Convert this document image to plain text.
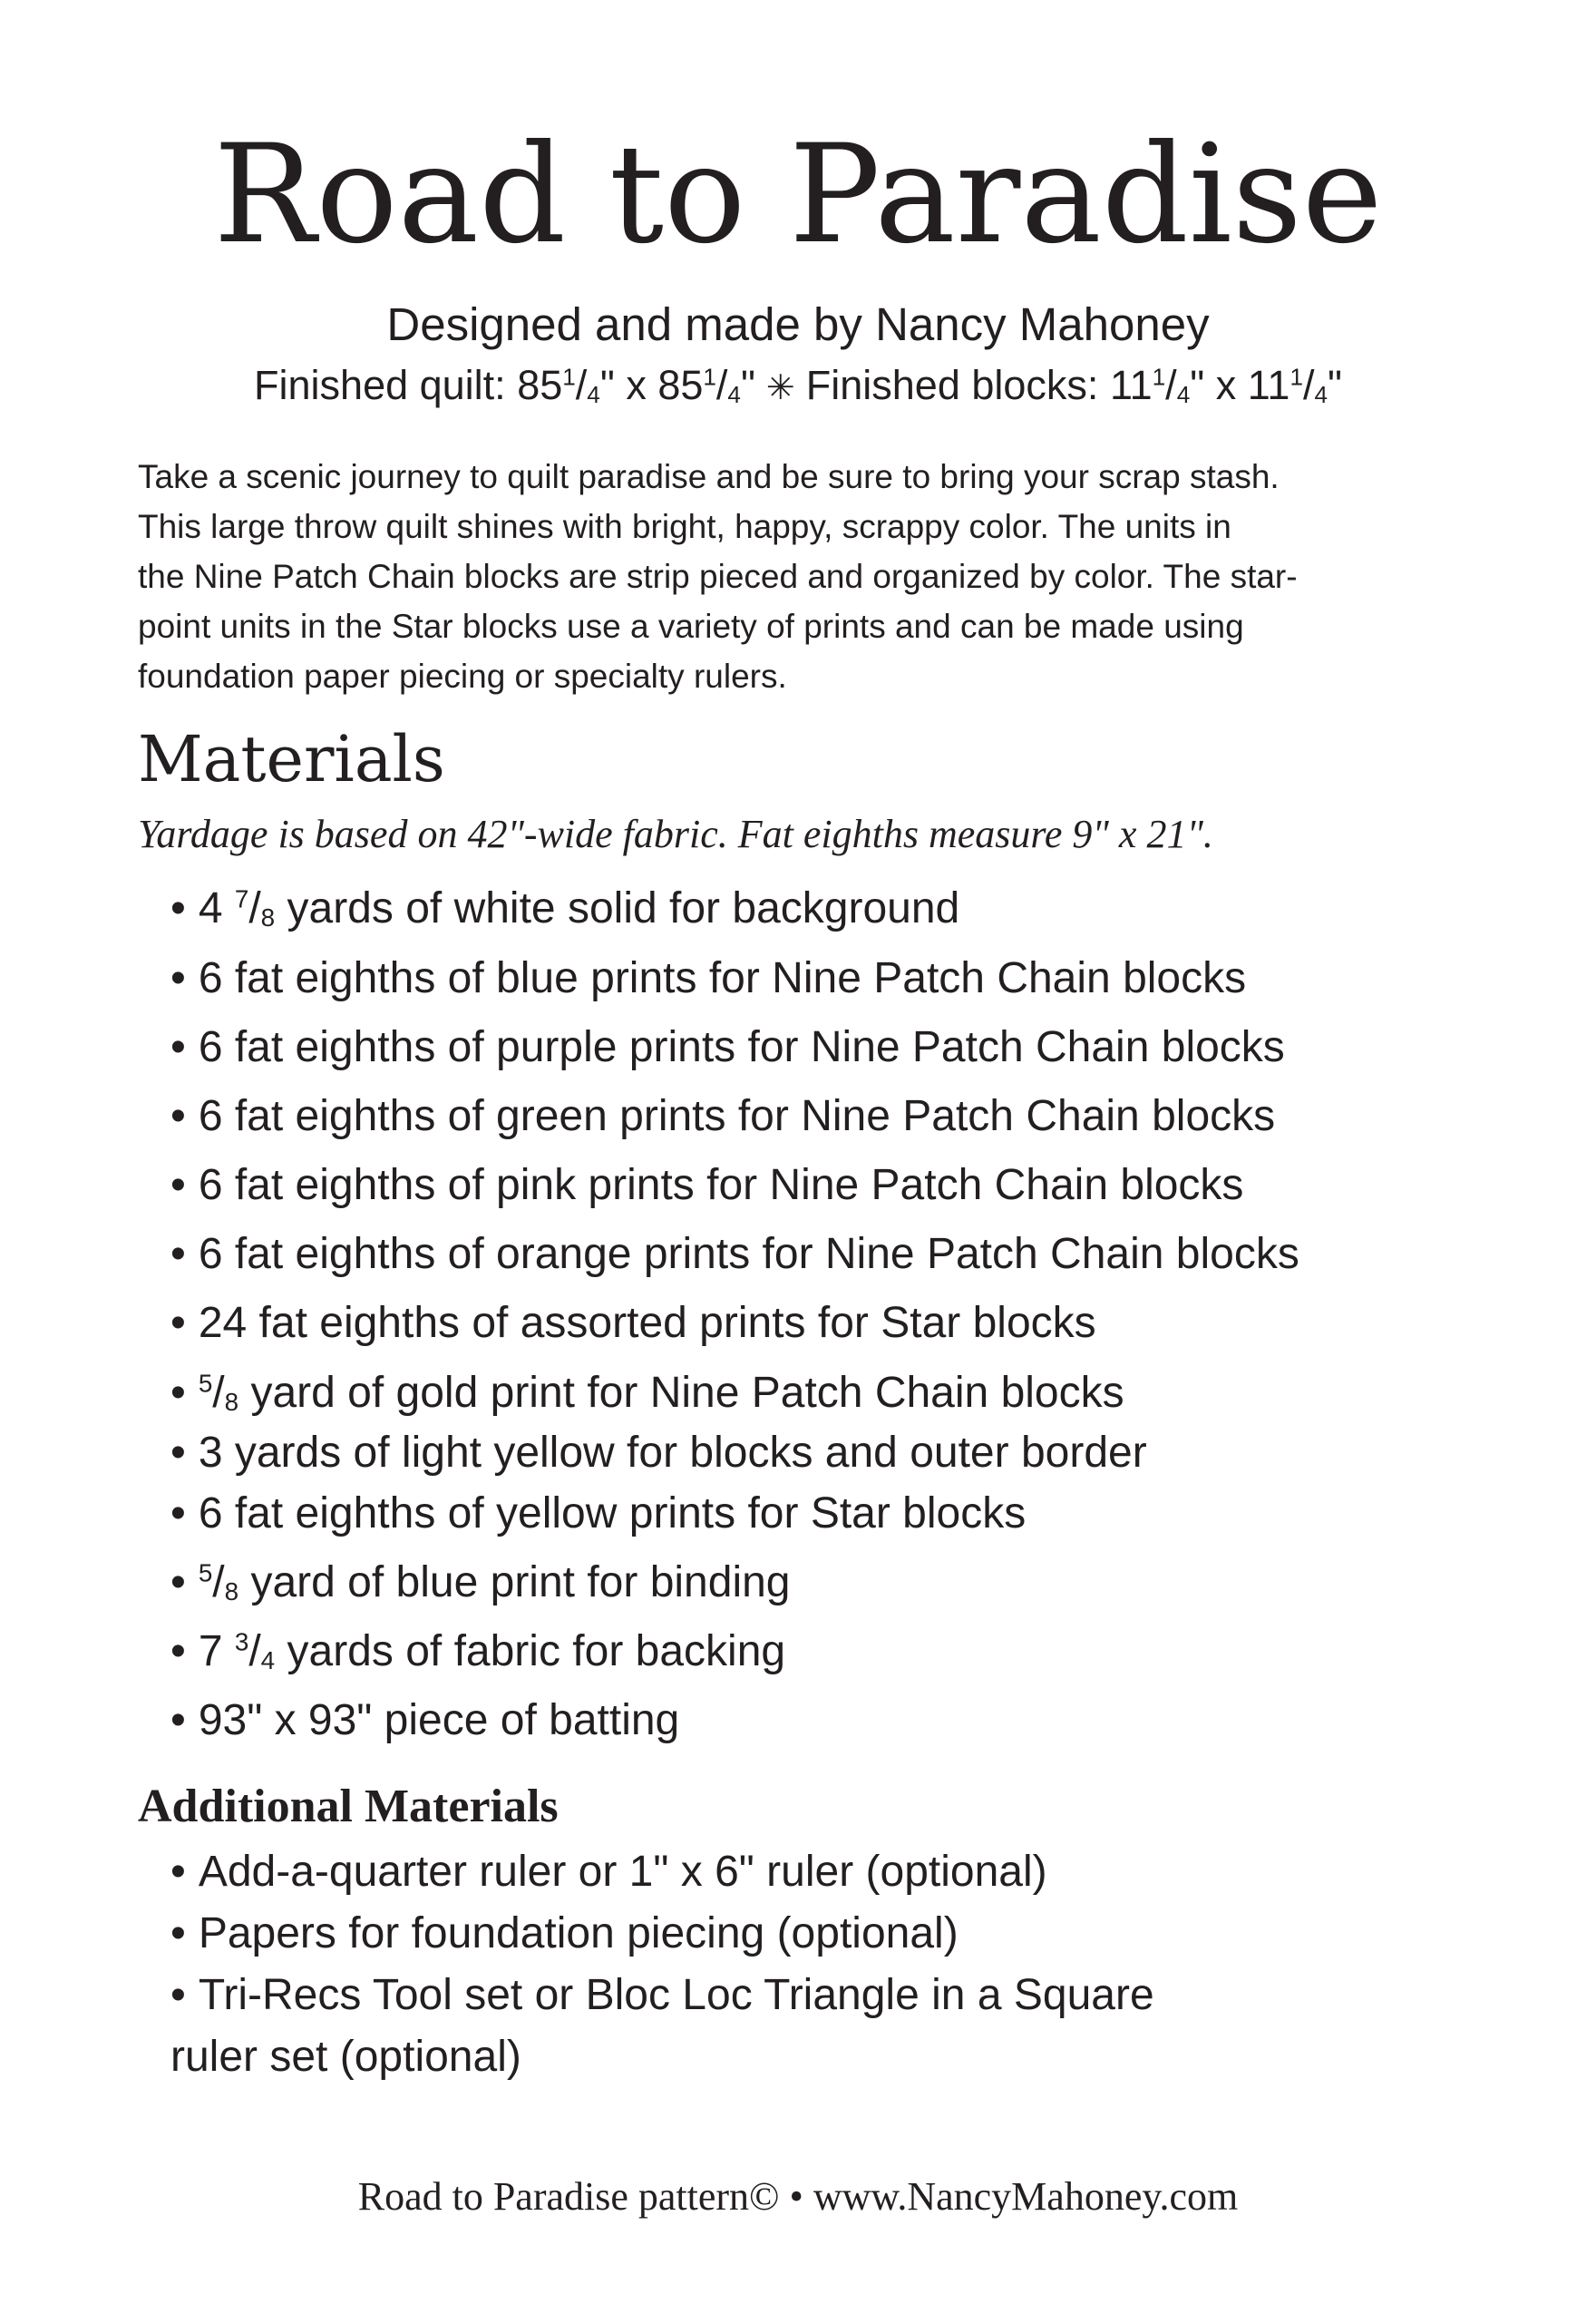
Road to Paradise
Designed and made by Nancy Mahoney
Finished quilt: $85^1/_4$" x $85^1/_4$" ✳ Finished blocks: $11^1/_4$" x $11^1/_4$"
Take a scenic journey to quilt paradise and be sure to bring your scrap stash.
This large throw quilt shines with bright, happy, scrappy color. The units in
the Nine Patch Chain blocks are strip pieced and organized by color. The star-
point units in the Star blocks use a variety of prints and can be made using
foundation paper piecing or specialty rulers.
Materials
Yardage is based on 42"-wide fabric. Fat eighths measure 9" x 21".
• 4 $^7/_8$ yards of white solid for background
• 6 fat eighths of blue prints for Nine Patch Chain blocks
• 6 fat eighths of purple prints for Nine Patch Chain blocks
• 6 fat eighths of green prints for Nine Patch Chain blocks
• 6 fat eighths of pink prints for Nine Patch Chain blocks
• 6 fat eighths of orange prints for Nine Patch Chain blocks
• 24 fat eighths of assorted prints for Star blocks
• $^5/_8$ yard of gold print for Nine Patch Chain blocks
• 3 yards of light yellow for blocks and outer border
• 6 fat eighths of yellow prints for Star blocks
• $^5/_8$ yard of blue print for binding
• 7 $^3/_4$ yards of fabric for backing
• 93" x 93" piece of batting
Additional Materials
• Add-a-quarter ruler or 1" x 6" ruler (optional)
• Papers for foundation piecing (optional)
• Tri-Recs Tool set or Bloc Loc Triangle in a Square
ruler set (optional)
Road to Paradise pattern© • www.NancyMahoney.com
